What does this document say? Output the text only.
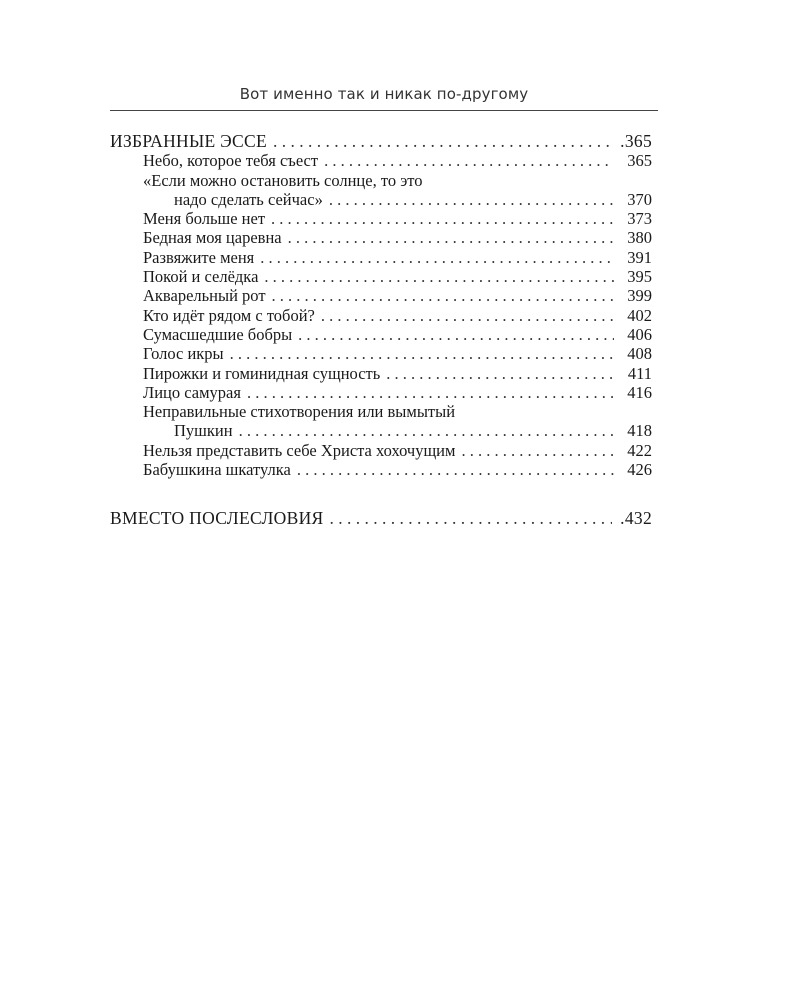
Вот именно так и никак по-другому
ИЗБРАННЫЕ ЭССЕ . . .	.365
Небо, которое тебя съест . . .	365
«Если можно остановить солнце, то это
надо сделать сейчас» . . .	370
Меня больше нет . . .	373
Бедная моя царевна . . .	380
Развяжите меня . . .	391
Покой и селёдка . . .	395
Акварельный рот . . .	399
Кто идёт рядом с тобой? . . .	402
Сумасшедшие бобры . . .	406
Голос икры . . .	408
Пирожки и гоминидная сущность . . .	411
Лицо самурая . . .	416
Неправильные стихотворения или вымытый
Пушкин . . .	418
Нельзя представить себе Христа хохочущим . . .	422
Бабушкина шкатулка . . .	426
ВМЕСТО ПОСЛЕСЛОВИЯ . . .	.432
